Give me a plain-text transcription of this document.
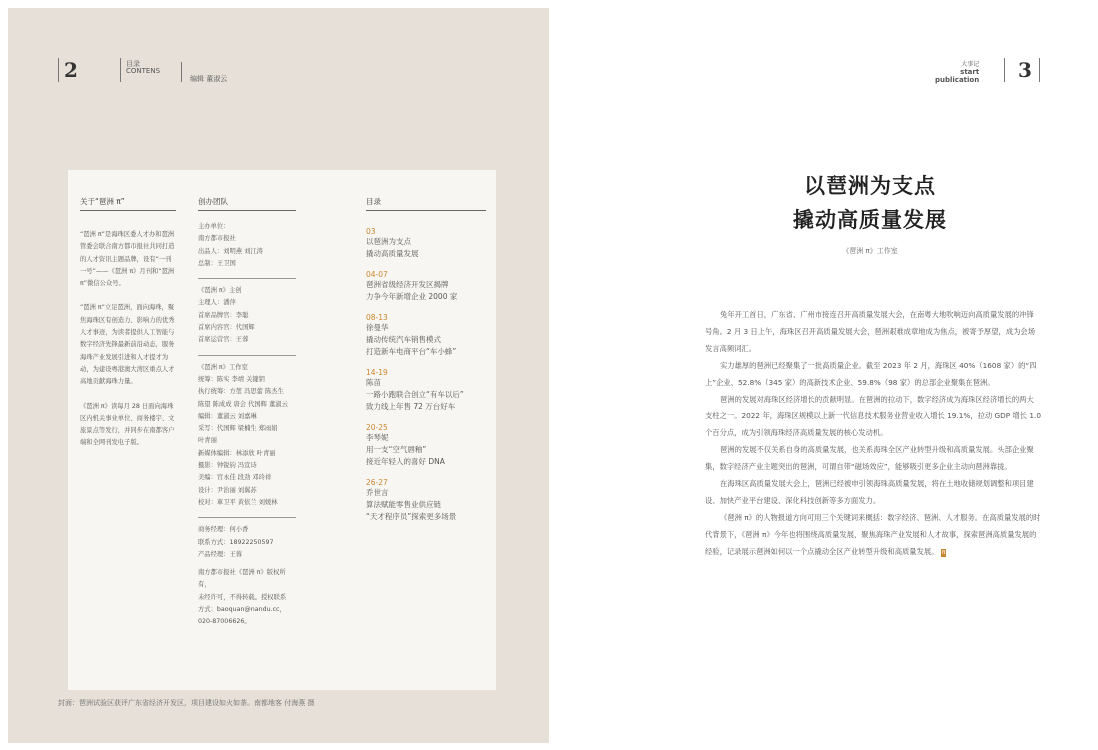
2	目录
CONTENS
编辑 董淑云
关于“琶洲 π”
“琶洲 π”是海珠区委人才办和琶洲管委会联合南方都市报社共同打造的人才资讯主题品牌，设有“一刊一号”——《琶洲 π》月刊和“琶洲π”微信公众号。
“琶洲 π”立足琶洲，面向海珠，聚焦海珠区有创造力、影响力的优秀人才事迹，为读者提供人工智能与数字经济先锋最新前沿动态，服务海珠产业发展引进和人才提才为动，为建设粤港澳大湾区重点人才高地贡献海珠力量。
《琶洲 π》读每月 28 日面向海珠区内机关事业单位、商务楼宇、文旅景点等发行，并同步在南都客户端和全网刊发电子版。
创办团队
主办单位：
南方都市报社
出品人：刘明燕 刘江涛
总制：王卫国
《琶洲 π》主创
主理人：潘萍
首席品牌官：李聪
首席内容官：代国辉
首席运营官：王蓉
《琶洲 π》工作室
统筹：陈实 李靖 关键钥
执行统筹：方堃 冯思蕾 陈杰生
陈望 陈成成 唐会 代国辉 董淑云
编辑：董淑云 刘嘉琳
采写：代国辉 梁楠生 郑雨娟
叶青丽
新媒体编辑：林添欣 叶青丽
摄影：钟锐钧 冯宣诗
美编：官永佳 段劲 邓玲祥
设计：尹治丽 刘翼苏
校对：車卫平 黄依兰 刘媛林
商务经理：何小香
联系方式：18922250597
产品经理：王蓉
南方都市报社《琶洲 π》版权所有，
未经许可，不得转载。授权联系
方式：baoquan@nandu.cc，
020-87006626。
目录
03
以琶洲为支点
撬动高质量发展
04-07
琶洲省级经济开发区揭牌
力争今年新增企业 2000 家
08-13
徐曼华
撬动传统汽车销售模式
打造新车电商平台“车小蜂”
14-19
陈苗
一路小跑联合创立“有车以后”
致力线上年售 72 万台好车
20-25
李琴妮
用一支“空气唇釉”
接近年轻人的喜好 DNA
26-27
乔世言
算法赋能零售业供应链
“天才程序员”探索更多场景
封面：琶洲试验区获评广东省经济开发区，项目建设如火如荼。南都地客 付海燕 摄
大事记
start
publication 3
以琶洲为支点
撬动高质量发展
《琶洲 π》工作室

兔年开工首日，广东省、广州市接连召开高质量发展大会，在南粤大地吹响迈向高质量发展的冲锋号角。2 月 3 日上午，海珠区召开高质量发展大会，琶洲艰难成章地成为焦点，被寄予厚望，成为会场发言高频词汇。

实力雄厚的琶洲已经聚集了一批高质量企业。截至 2023 年 2 月，海珠区 40%（1608 家）的“四上”企业、52.8%（345 家）的高新技术企业、59.8%（98 家）的总部企业聚集在琶洲。

琶洲的发展对海珠区经济增长的贡献明显。在琶洲的拉动下，数字经济成为海珠区经济增长的两大支柱之一。2022 年，海珠区规模以上新一代信息技术服务业营业收入增长 19.1%，拉动 GDP 增长 1.0 个百分点，成为引领海珠经济高质量发展的核心发动机。

琶洲的发展不仅关系自身的高质量发展，也关系海珠全区产业转型升级和高质量发展。头部企业聚集，数字经济产业主题突出的琶洲，可谓自带“磁场效应”，能够吸引更多企业主动向琶洲靠拢。

在海珠区高质量发展大会上，琶洲已经被申引领海珠高质量发展，将在土地收储规划调整和项目建设、加快产业平台建设、深化科技创新等多方面发力。

《琶洲 π》的人物报道方向可用三个关键词来概括：数字经济、琶洲、人才服务。在高质量发展的时代背景下，《琶洲 π》今年也将围绕高质量发展，聚焦海珠产业发展和人才故事，探索琶洲高质量发展的经验，记录展示琶洲如何以一个点撬动全区产业转型升级和高质量发展。 π
